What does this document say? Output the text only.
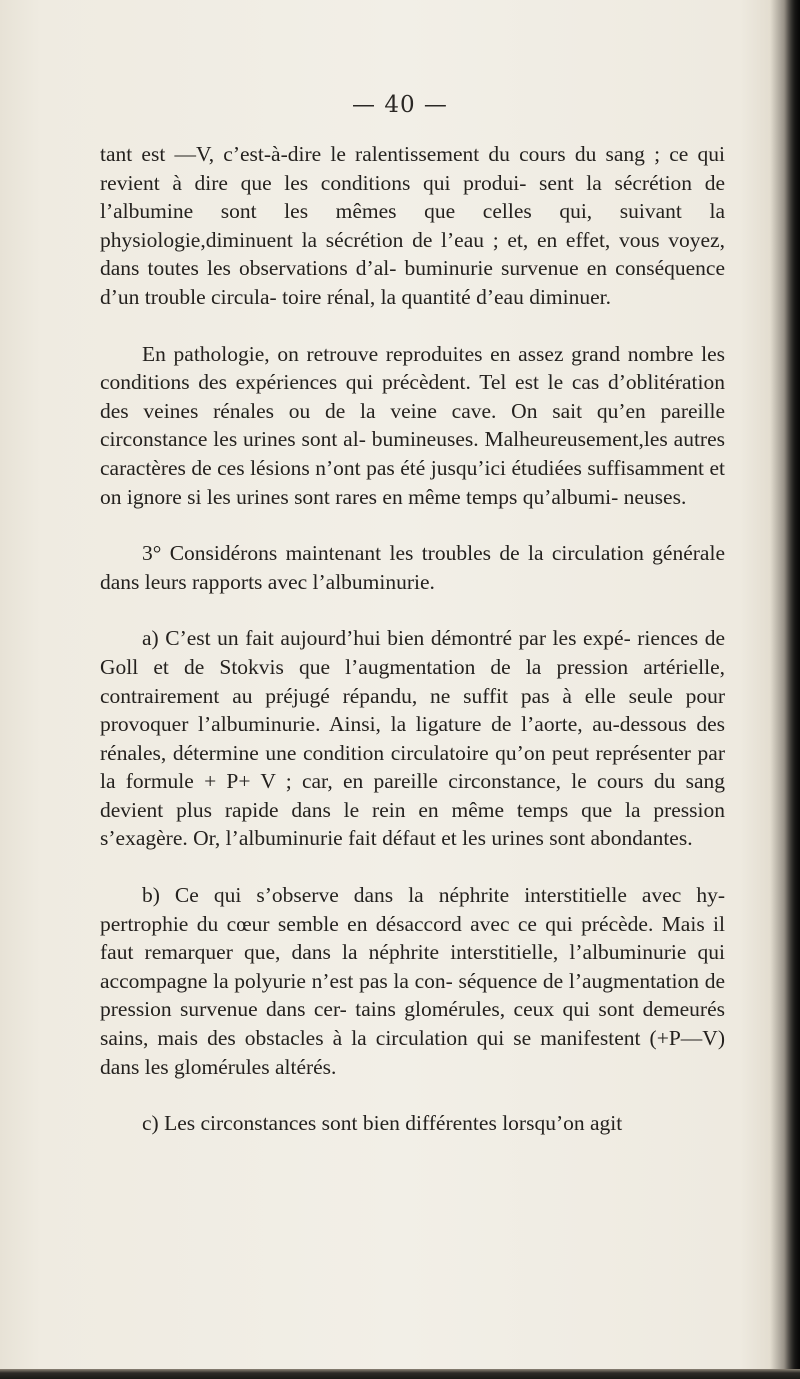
— 40 —

tant est —V, c’est-à-dire le ralentissement du cours du sang ; ce qui revient à dire que les conditions qui produi- sent la sécrétion de l’albumine sont les mêmes que celles qui, suivant la physiologie,diminuent la sécrétion de l’eau ; et, en effet, vous voyez, dans toutes les observations d’al- buminurie survenue en conséquence d’un trouble circula- toire rénal, la quantité d’eau diminuer.

En pathologie, on retrouve reproduites en assez grand nombre les conditions des expériences qui précèdent. Tel est le cas d’oblitération des veines rénales ou de la veine cave. On sait qu’en pareille circonstance les urines sont al- bumineuses. Malheureusement,les autres caractères de ces lésions n’ont pas été jusqu’ici étudiées suffisamment et on ignore si les urines sont rares en même temps qu’albumi- neuses.

3° Considérons maintenant les troubles de la circulation générale dans leurs rapports avec l’albuminurie.

a) C’est un fait aujourd’hui bien démontré par les expé- riences de Goll et de Stokvis que l’augmentation de la pression artérielle, contrairement au préjugé répandu, ne suffit pas à elle seule pour provoquer l’albuminurie. Ainsi, la ligature de l’aorte, au-dessous des rénales, détermine une condition circulatoire qu’on peut représenter par la formule + P+ V ; car, en pareille circonstance, le cours du sang devient plus rapide dans le rein en même temps que la pression s’exagère. Or, l’albuminurie fait défaut et les urines sont abondantes.

b) Ce qui s’observe dans la néphrite interstitielle avec hy- pertrophie du cœur semble en désaccord avec ce qui précède. Mais il faut remarquer que, dans la néphrite interstitielle, l’albuminurie qui accompagne la polyurie n’est pas la con- séquence de l’augmentation de pression survenue dans cer- tains glomérules, ceux qui sont demeurés sains, mais des obstacles à la circulation qui se manifestent (+P—V) dans les glomérules altérés.

c) Les circonstances sont bien différentes lorsqu’on agit
